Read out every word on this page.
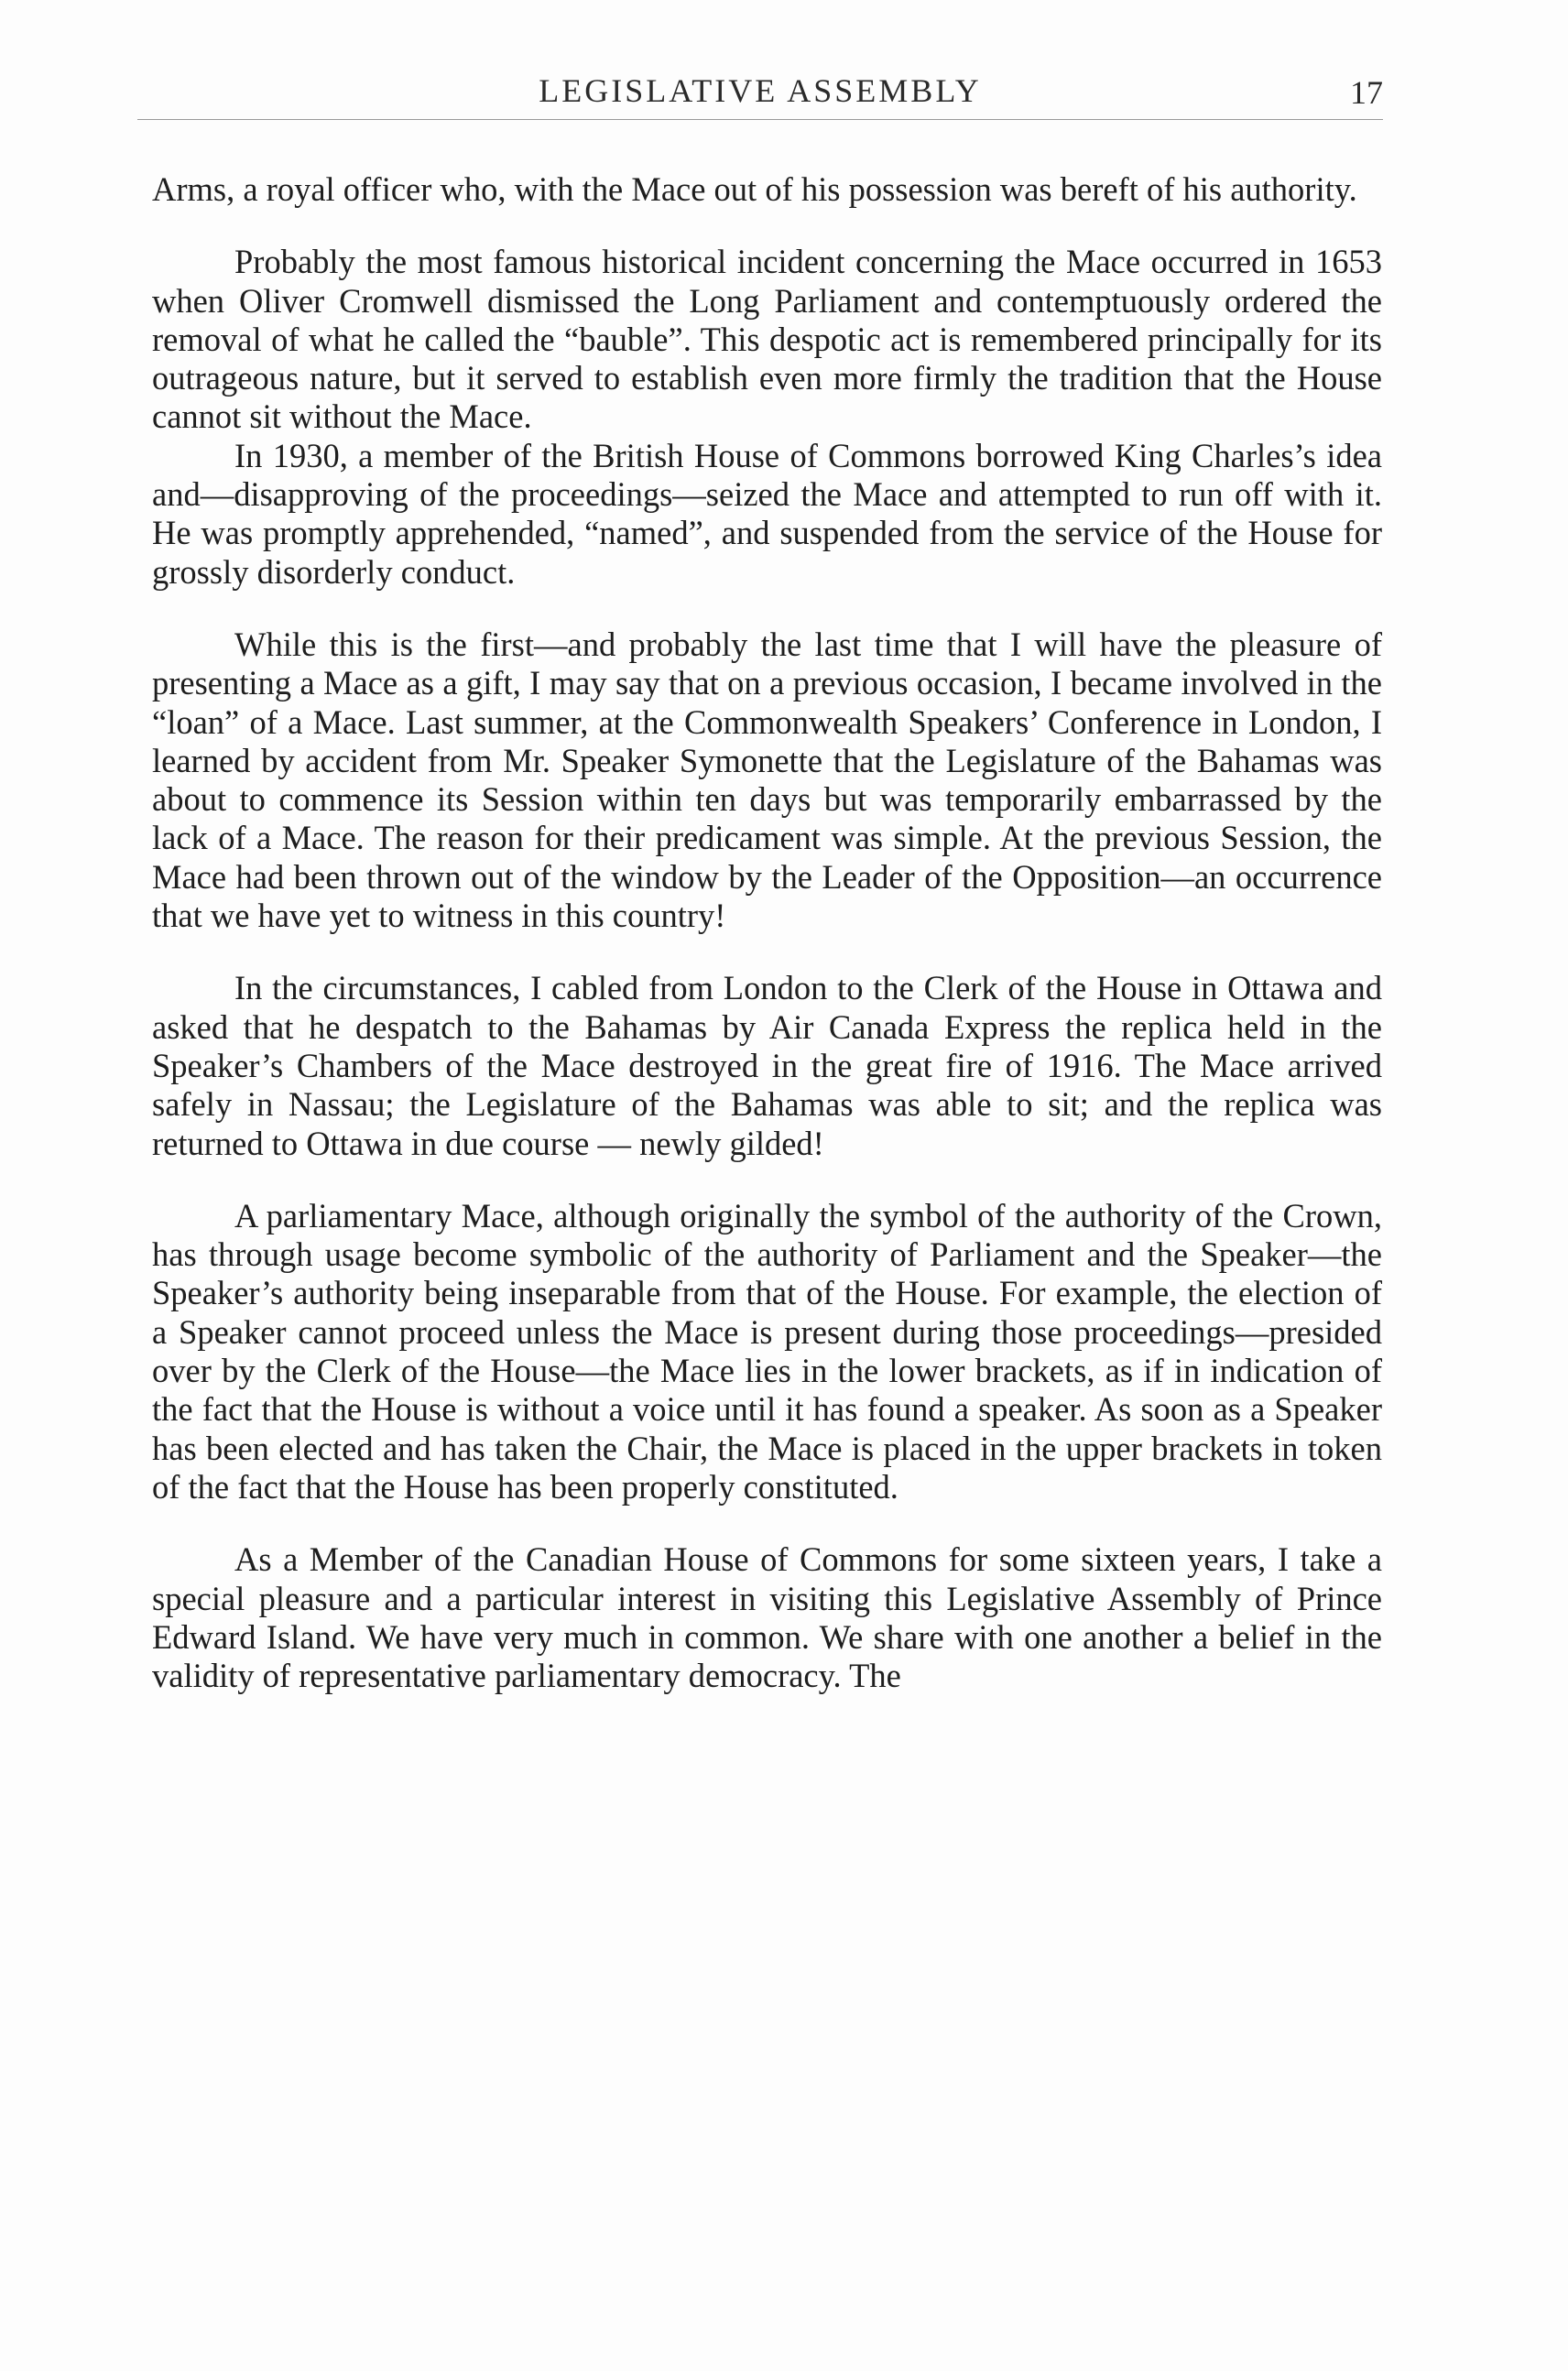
LEGISLATIVE ASSEMBLY	17

Arms, a royal officer who, with the Mace out of his possession was bereft of his authority.

Probably the most famous historical incident concerning the Mace occurred in 1653 when Oliver Cromwell dismissed the Long Parliament and contemptuously ordered the removal of what he called the “bauble”. This despotic act is remembered principally for its outrageous nature, but it served to establish even more firmly the tradition that the House cannot sit without the Mace.

In 1930, a member of the British House of Commons borrowed King Charles’s idea and—disapproving of the proceedings—seized the Mace and attempted to run off with it. He was promptly apprehended, “named”, and suspended from the service of the House for grossly disorderly conduct.

While this is the first—and probably the last time that I will have the pleasure of presenting a Mace as a gift, I may say that on a previous occasion, I became involved in the “loan” of a Mace. Last summer, at the Commonwealth Speakers’ Conference in London, I learned by accident from Mr. Speaker Symonette that the Legislature of the Bahamas was about to commence its Session within ten days but was temporarily embarrassed by the lack of a Mace. The reason for their predicament was simple. At the previous Session, the Mace had been thrown out of the window by the Leader of the Opposition—an occurrence that we have yet to witness in this country!

In the circumstances, I cabled from London to the Clerk of the House in Ottawa and asked that he despatch to the Bahamas by Air Canada Express the replica held in the Speaker’s Chambers of the Mace destroyed in the great fire of 1916. The Mace arrived safely in Nassau; the Legislature of the Bahamas was able to sit; and the replica was returned to Ottawa in due course — newly gilded!

A parliamentary Mace, although originally the symbol of the authority of the Crown, has through usage become symbolic of the authority of Parliament and the Speaker—the Speaker’s authority being inseparable from that of the House. For example, the election of a Speaker cannot proceed unless the Mace is present during those proceedings—presided over by the Clerk of the House—the Mace lies in the lower brackets, as if in indication of the fact that the House is without a voice until it has found a speaker. As soon as a Speaker has been elected and has taken the Chair, the Mace is placed in the upper brackets in token of the fact that the House has been properly constituted.

As a Member of the Canadian House of Commons for some sixteen years, I take a special pleasure and a particular interest in visiting this Legislative Assembly of Prince Edward Island. We have very much in common. We share with one another a belief in the validity of representative parliamentary democracy. The
